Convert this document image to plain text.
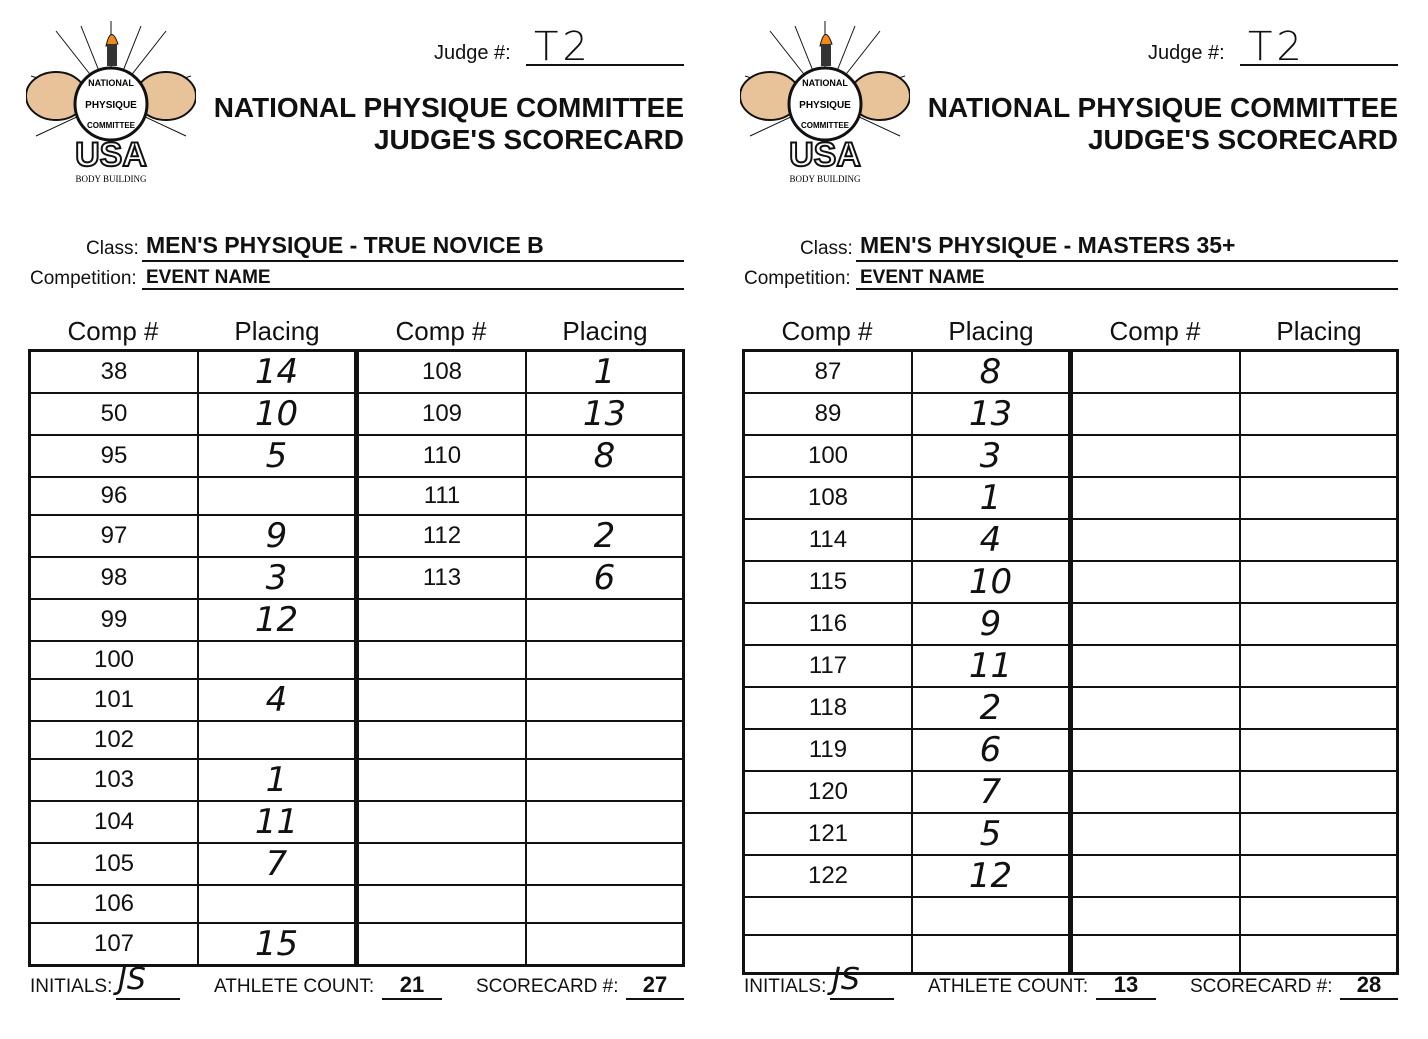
NATIONAL
PHYSIQUE
COMMITTEE
USA
BODY BUILDING
Judge #: T2
NATIONAL PHYSIQUE COMMITTEE
JUDGE'S SCORECARD
Class: MEN'S PHYSIQUE - TRUE NOVICE B
Competition: EVENT NAME
Comp #	Placing	Comp #	Placing
38	14	108	1
50	10	109	13
95	5	110	8
96		111	
97	9	112	2
98	3	113	6
99	12		
100			
101	4		
102			
103	1		
104	11		
105	7		
106			
107	15		
INITIALS: JS	ATHLETE COUNT:	21	SCORECARD #:	27
NATIONAL
PHYSIQUE
COMMITTEE
USA
BODY BUILDING
Judge #: T2
NATIONAL PHYSIQUE COMMITTEE
JUDGE'S SCORECARD
Class: MEN'S PHYSIQUE - MASTERS 35+
Competition: EVENT NAME
Comp #	Placing	Comp #	Placing
87	8		
89	13		
100	3		
108	1		
114	4		
115	10		
116	9		
117	11		
118	2		
119	6		
120	7		
121	5		
122	12		

INITIALS: JS	ATHLETE COUNT:	13	SCORECARD #:	28
